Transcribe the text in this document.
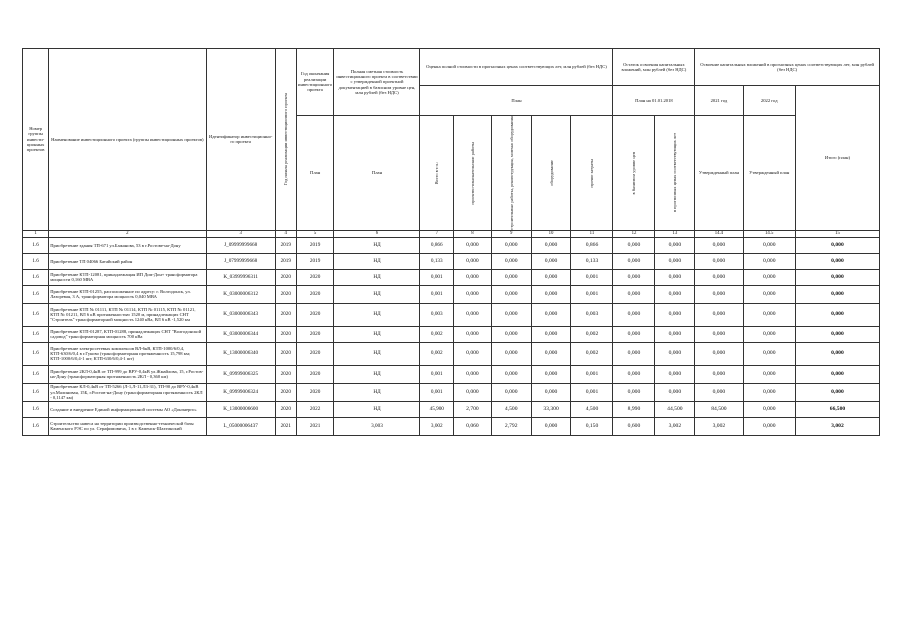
Номер группы инвести-ционных проектов	Наименование инвестиционного проекта (группы инвестиционных проектов)	Идентификатор инвестиционно-го проекта	Год начала реализации инвестиционного проекта	Год окончания реализации инвестиционного проекта	Полная сметная стоимость инвестиционного проекта в соответствии с утвержденной проектной документацией в базисном уровне цен, млн рублей (без НДС)	Оценка полной стоимости в прогнозных ценах соответствующих лет, млн рублей (без НДС)					Остаток освоения капитальных вложений, млн рублей (без НДС)		Освоение капитальных вложений в прогнозных ценах соответствующих лет, млн рублей (без НДС)		
						План					План на 01.01.2018		2021 год	2022 год	Итого (план)
				План	План	Всего в т.ч.:	проектно-изыскательские работы	строительные работы, реконструкция, монтаж оборудования	оборудование	прочие затраты	в базисном уровне цен	в прогнозных ценах соответствующих лет	Утвержденный план	Утвержденный план	
1	2	3	4	5	6	7	8	9	10	11	12	13	14.4	14.5	15
1.6	Приобретение здания ТП-671 ул.Бажанова, 53 в г.Ростове-на-Дону	J_09999999668	2019	2019	НД	0,866	0,000	0,000	0,000	0,866	0,000	0,000	0,000	0,000	0,000
1.6	Приобретение ТП 04066 Батайский район	J_07999999668	2019	2019	НД	0,133	0,000	0,000	0,000	0,133	0,000	0,000	0,000	0,000	0,000
1.6	Приобретение КТП-12081, принадлежащая ИП Дом-Дон+ трансформатора мощности 0,160 МВА	K_03999996311	2020	2020	НД	0,001	0,000	0,000	0,000	0,001	0,000	0,000	0,000	0,000	0,000
1.6	Приобретение КТП-01255, расположенное по адресу: г. Волгодонск, ул. Лазоревая, 3 А, трансформатора мощность 0,040 МВА	K_03000006312	2020	2020	НД	0,001	0,000	0,000	0,000	0,001	0,000	0,000	0,000	0,000	0,000
1.6	Приобретение КТП № 01111, КТП № 01114, КТП № 01115, КТП № 01121, КТП № 01211, ВЛ 6 кВ протяженностью 1520 м, принадлежащих СНТ "Строитель" трансформаторной мощность 1240 кВа, ВЛ 6 кВ -1,520 км	K_03000006343	2020	2020	НД	0,003	0,000	0,000	0,000	0,003	0,000	0,000	0,000	0,000	0,000
1.6	Приобретение КТП-01287, КТП-01288, принадлежащих СНТ "Волгодонской садовод" трансформаторная мощность 700 кВа	K_03000006344	2020	2020	НД	0,002	0,000	0,000	0,000	0,002	0,000	0,000	0,000	0,000	0,000
1.6	Приобретение электросетевых комплексов ВЛ-6кВ, КТП-1000/6/0,4, КТП-630/6/0,4 в г.Гуково (трансформаторная протяженность 15,798 км; КТП-1000/6/0,4-1 шт; КТП-630/6/0,4-1 шт)	K_13000006340	2020	2020	НД	0,002	0,000	0,000	0,000	0,002	0,000	0,000	0,000	0,000	0,000
1.6	Приобретение 2КЛ-0,4кВ от ТП-999 до ВРУ-0,4кВ ул.Жмайлова, 15, г.Ростов-на-Дону (трансформаторная протяженность 2КЛ - 0,360 км)	K_09999006325	2020	2020	НД	0,001	0,000	0,000	0,000	0,001	0,000	0,000	0,000	0,000	0,000
1.6	Приобретение КЛ-0,4кВ от ТП-5266 (Л-1,Л-11,Л3-31), ТП-90 до ВРУ-0,4кВ ул.Малиновая, 15Б, г.Ростов-на-Дону (трансформаторная протяженность 2КЛ - 0,1147 км)	K_09999006324	2020	2020	НД	0,001	0,000	0,000	0,000	0,001	0,000	0,000	0,000	0,000	0,000
1.6	Создание и внедрение Единой информационной системы АО «Донэнерго»	K_13000006600	2020	2022	НД	45,900	2,700	4,500	33,300	4,500	8,990	44,500	84,500	0,000	66,500
1.6	Строительство навеса на территории производственно-технической базы Каменского РЭС по ул. Серафимовича, 1 в г. Каменск-Шахтинский	L_05000006437	2021	2021	3,003	3,002	0,060	2,792	0,000	0,150	0,600	3,002	3,002	0,000	3,002
